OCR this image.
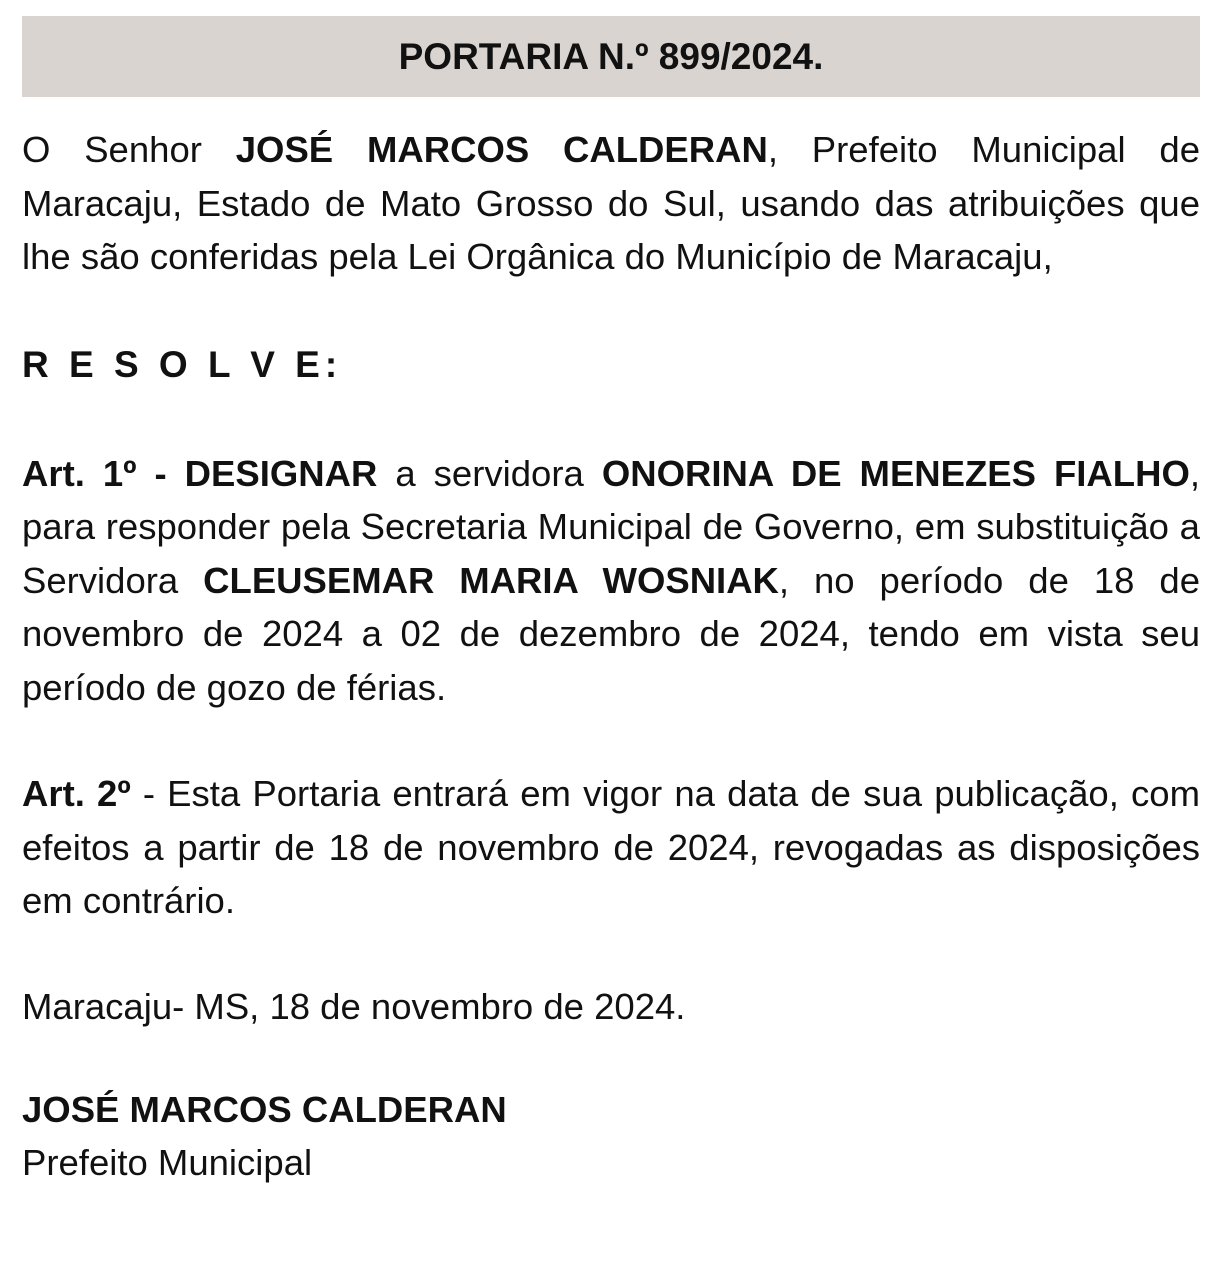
PORTARIA N.º 899/2024.

O Senhor JOSÉ MARCOS CALDERAN, Prefeito Municipal de Maracaju, Estado de Mato Grosso do Sul, usando das atribuições que lhe são conferidas pela Lei Orgânica do Município de Maracaju,

R E S O L V E:

Art. 1º - DESIGNAR a servidora ONORINA DE MENEZES FIALHO, para responder pela Secretaria Municipal de Governo, em substituição a Servidora CLEUSEMAR MARIA WOSNIAK, no período de 18 de novembro de 2024 a 02 de dezembro de 2024, tendo em vista seu período de gozo de férias.

Art. 2º - Esta Portaria entrará em vigor na data de sua publicação, com efeitos a partir de 18 de novembro de 2024, revogadas as disposições em contrário.

Maracaju- MS, 18 de novembro de 2024.
JOSÉ MARCOS CALDERAN
Prefeito Municipal
